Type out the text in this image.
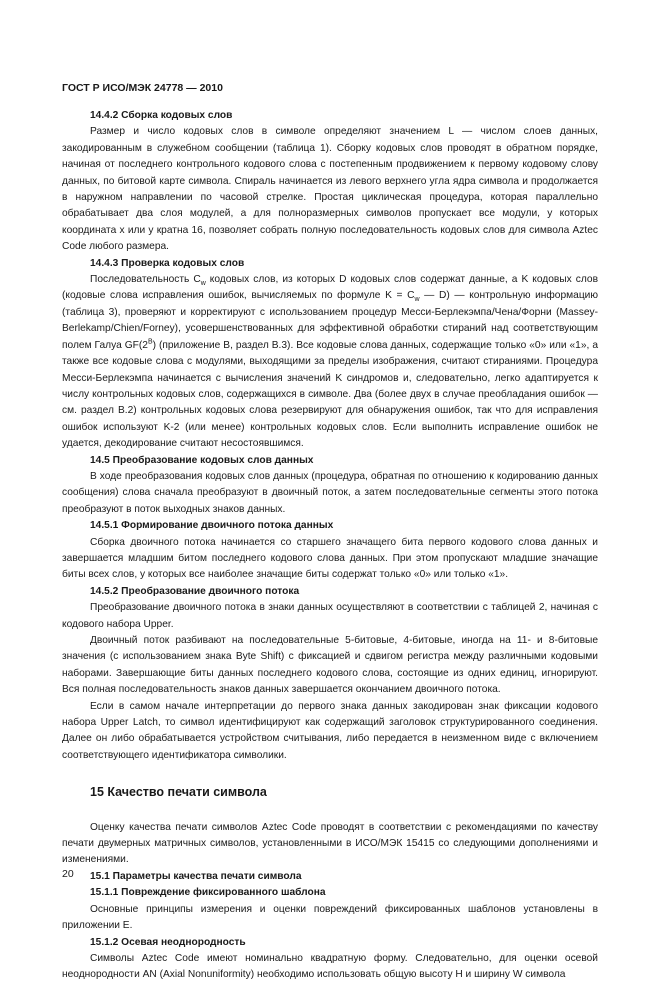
ГОСТ Р ИСО/МЭК 24778 — 2010

14.4.2 Сборка кодовых слов

Размер и число кодовых слов в символе определяют значением L — числом слоев данных, закодированным в служебном сообщении (таблица 1). Сборку кодовых слов проводят в обратном порядке, начиная от последнего контрольного кодового слова с постепенным продвижением к первому кодовому слову данных, по битовой карте символа. Спираль начинается из левого верхнего угла ядра символа и продолжается в наружном направлении по часовой стрелке. Простая циклическая процедура, которая параллельно обрабатывает два слоя модулей, а для полноразмерных символов пропускает все модули, у которых координата x или y кратна 16, позволяет собрать полную последовательность кодовых слов для символа Aztec Code любого размера.

14.4.3 Проверка кодовых слов

Последовательность $C_w$ кодовых слов, из которых D кодовых слов содержат данные, а K кодовых слов (кодовые слова исправления ошибок, вычисляемых по формуле $K = C_w$ — D) — контрольную информацию (таблица 3), проверяют и корректируют с использованием процедур Месси-Берлекэмпа/Чена/Форни (Massey-Berlekamp/Chien/Forney), усовершенствованных для эффективной обработки стираний над соответствующим полем Галуа $GF(2^B)$ (приложение В, раздел В.3). Все кодовые слова данных, содержащие только «0» или «1», а также все кодовые слова с модулями, выходящими за пределы изображения, считают стираниями. Процедура Месси-Берлекэмпа начинается с вычисления значений K синдромов и, следовательно, легко адаптируется к числу контрольных кодовых слов, содержащихся в символе. Два (более двух в случае преобладания ошибок — см. раздел В.2) контрольных кодовых слова резервируют для обнаружения ошибок, так что для исправления ошибок используют K-2 (или менее) контрольных кодовых слов. Если выполнить исправление ошибок не удается, декодирование считают несостоявшимся.

14.5 Преобразование кодовых слов данных

В ходе преобразования кодовых слов данных (процедура, обратная по отношению к кодированию данных сообщения) слова сначала преобразуют в двоичный поток, а затем последовательные сегменты этого потока преобразуют в поток выходных знаков данных.

14.5.1 Формирование двоичного потока данных

Сборка двоичного потока начинается со старшего значащего бита первого кодового слова данных и завершается младшим битом последнего кодового слова данных. При этом пропускают младшие значащие биты всех слов, у которых все наиболее значащие биты содержат только «0» или только «1».

14.5.2 Преобразование двоичного потока

Преобразование двоичного потока в знаки данных осуществляют в соответствии с таблицей 2, начиная с кодового набора Upper.

Двоичный поток разбивают на последовательные 5-битовые, 4-битовые, иногда на 11- и 8-битовые значения (с использованием знака Byte Shift) с фиксацией и сдвигом регистра между различными кодовыми наборами. Завершающие биты данных последнего кодового слова, состоящие из одних единиц, игнорируют. Вся полная последовательность знаков данных завершается окончанием двоичного потока.

Если в самом начале интерпретации до первого знака данных закодирован знак фиксации кодового набора Upper Latch, то символ идентифицируют как содержащий заголовок структурированного соединения. Далее он либо обрабатывается устройством считывания, либо передается в неизменном виде с включением соответствующего идентификатора символики.

15 Качество печати символа

Оценку качества печати символов Aztec Code проводят в соответствии с рекомендациями по качеству печати двумерных матричных символов, установленными в ИСО/МЭК 15415 со следующими дополнениями и изменениями.

15.1 Параметры качества печати символа

15.1.1 Повреждение фиксированного шаблона

Основные принципы измерения и оценки повреждений фиксированных шаблонов установлены в приложении Е.

15.1.2 Осевая неоднородность

Символы Aztec Code имеют номинально квадратную форму. Следовательно, для оценки осевой неоднородности AN (Axial Nonuniformity) необходимо использовать общую высоту H и ширину W символа

20
